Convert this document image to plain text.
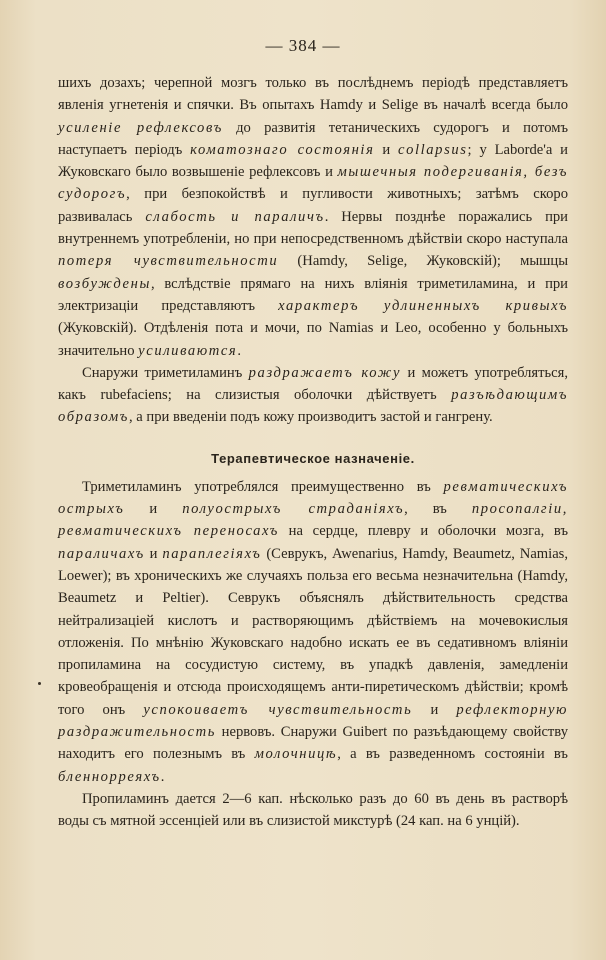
— 384 —

шихъ дозахъ; черепной мозгъ только въ послѣднемъ періодѣ представляетъ явленія угнетенія и спячки. Въ опытахъ Hamdy и Selige въ началѣ всегда было усиленіе рефлексовъ до развитія тетаническихъ судорогъ и потомъ наступаетъ періодъ коматознаго состоянія и collapsus; у Laborde'а и Жуковскаго было возвышеніе рефлексовъ и мышечныя подергиванія, безъ судорогъ, при безпокойствѣ и пугливости животныхъ; затѣмъ скоро развивалась слабость и параличъ. Нервы позднѣе поражались при внутреннемъ употребленіи, но при непосредственномъ дѣйствіи скоро наступала потеря чувствительности (Hamdy, Selige, Жуковскій); мышцы возбуждены, вслѣдствіе прямаго на нихъ вліянія триметиламина, и при электризаціи представляютъ характеръ удлиненныхъ кривыхъ (Жуковскій). Отдѣленія пота и мочи, по Namias и Leo, особенно у больныхъ значительно усиливаются.

Снаружи триметиламинъ раздражаетъ кожу и можетъ употребляться, какъ rubefaciens; на слизистыя оболочки дѣйствуетъ разъѣдающимъ образомъ, а при введеніи подъ кожу производитъ застой и гангрену.

Терапевтическое назначеніе.

Триметиламинъ употреблялся преимущественно въ ревматическихъ острыхъ и полуострыхъ страданіяхъ, въ просопалгіи, ревматическихъ переносахъ на сердце, плевру и оболочки мозга, въ параличахъ и параплегіяхъ (Севрукъ, Awenarius, Hamdy, Beaumetz, Namias, Loewer); въ хроническихъ же случаяхъ польза его весьма незначительна (Hamdy, Beaumetz и Peltier). Севрукъ объяснялъ дѣйствительность средства нейтрализаціей кислотъ и растворяющимъ дѣйствіемъ на мочевокислыя отложенія. По мнѣнію Жуковскаго надобно искать ее въ седативномъ вліяніи пропиламина на сосудистую систему, въ упадкѣ давленія, замедленіи кровеобращенія и отсюда происходящемъ анти-пиретическомъ дѣйствіи; кромѣ того онъ успокоиваетъ чувствительность и рефлекторную раздражительность нервовъ. Снаружи Guibert по разъѣдающему свойству находитъ его полезнымъ въ молочницѣ, а въ разведенномъ состояніи въ бленнорреяхъ.

Пропиламинъ дается 2—6 кап. нѣсколько разъ до 60 въ день въ растворѣ воды съ мятной эссенціей или въ слизистой микстурѣ (24 кап. на 6 унцій).
